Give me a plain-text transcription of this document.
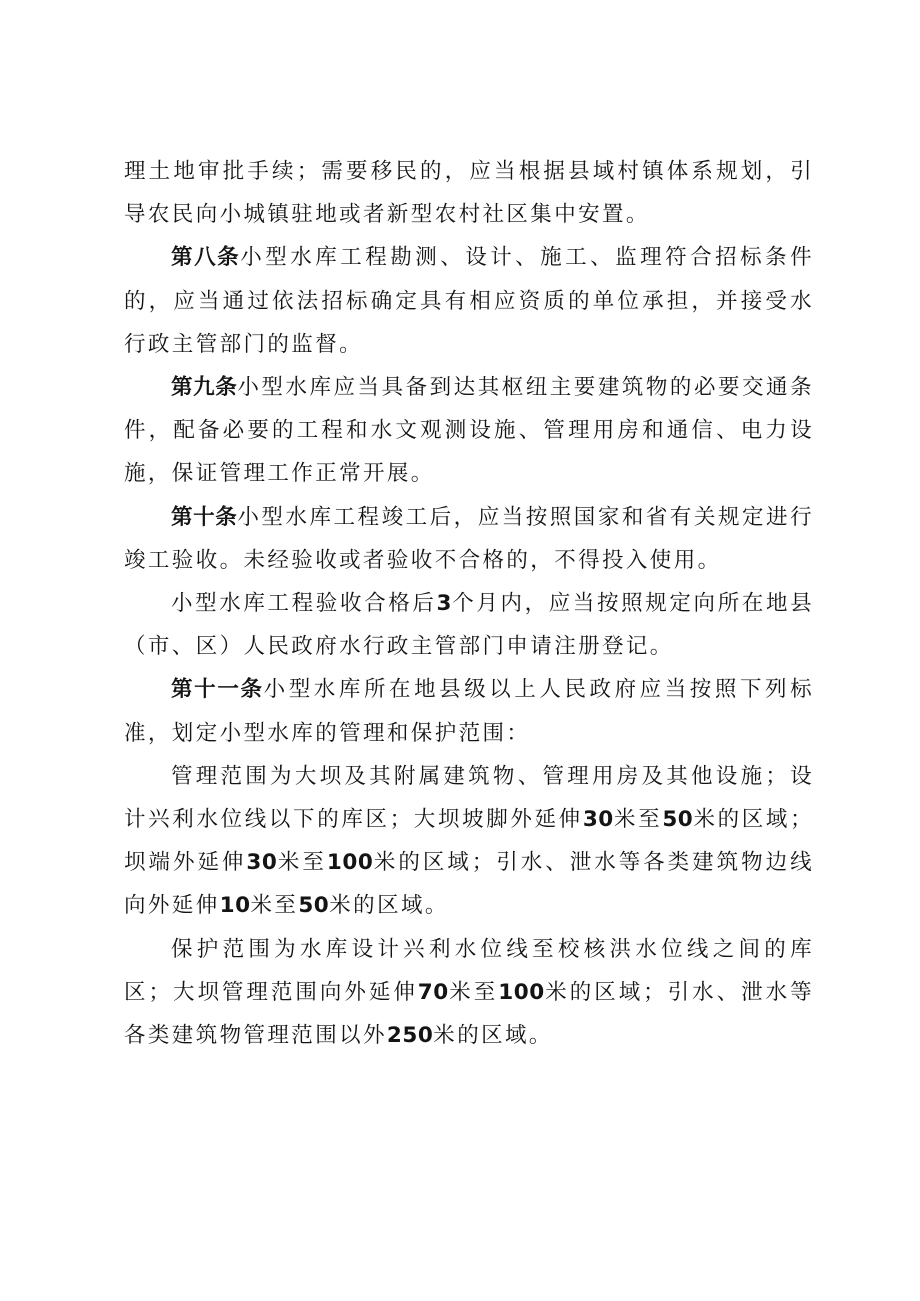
理土地审批手续；需要移民的，应当根据县域村镇体系规划，引导农民向小城镇驻地或者新型农村社区集中安置。

第八条小型水库工程勘测、设计、施工、监理符合招标条件的，应当通过依法招标确定具有相应资质的单位承担，并接受水行政主管部门的监督。

第九条小型水库应当具备到达其枢纽主要建筑物的必要交通条件，配备必要的工程和水文观测设施、管理用房和通信、电力设施，保证管理工作正常开展。

第十条小型水库工程竣工后，应当按照国家和省有关规定进行竣工验收。未经验收或者验收不合格的，不得投入使用。

小型水库工程验收合格后3个月内，应当按照规定向所在地县（市、区）人民政府水行政主管部门申请注册登记。

第十一条小型水库所在地县级以上人民政府应当按照下列标准，划定小型水库的管理和保护范围：

管理范围为大坝及其附属建筑物、管理用房及其他设施；设计兴利水位线以下的库区；大坝坡脚外延伸30米至50米的区域；坝端外延伸30米至100米的区域；引水、泄水等各类建筑物边线向外延伸10米至50米的区域。

保护范围为水库设计兴利水位线至校核洪水位线之间的库区；大坝管理范围向外延伸70米至100米的区域；引水、泄水等各类建筑物管理范围以外250米的区域。
